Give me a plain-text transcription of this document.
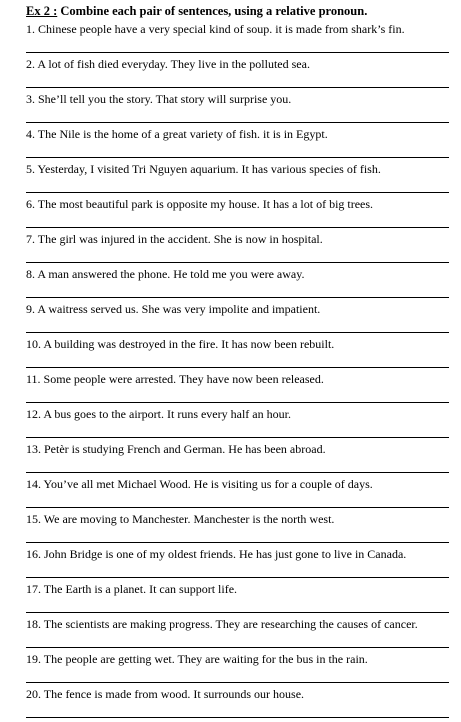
Ex 2 : Combine each pair of sentences, using a relative pronoun.
1. Chinese people have a very special kind of soup. it is made from shark’s fin.
2. A lot of fish died everyday. They live in the polluted sea.
3. She’ll tell you the story. That story will surprise you.
4. The Nile is the home of a great variety of fish. it is in Egypt.
5. Yesterday, I visited Tri Nguyen aquarium. It has various species of fish.
6. The most beautiful park is opposite my house. It has a lot of big trees.
7. The girl was injured in the accident. She is now in hospital.
8. A man answered the phone. He told me you were away.
9. A waitress served us. She was very impolite and impatient.
10. A building was destroyed in the fire. It has now been rebuilt.
11. Some people were arrested. They have now been released.
12. A bus goes to the airport. It runs every half an hour.
13. Petèr is studying French and German. He has been abroad.
14. You’ve all met Michael Wood. He is visiting us for a couple of days.
15. We are moving to Manchester. Manchester is the north west.
16. John Bridge is one of my oldest friends. He has just gone to live in Canada.
17. The Earth is a planet. It can support life.
18. The scientists are making progress. They are researching the causes of cancer.
19. The people are getting wet. They are waiting for the bus in the rain.
20. The fence is made from wood. It surrounds our house.
